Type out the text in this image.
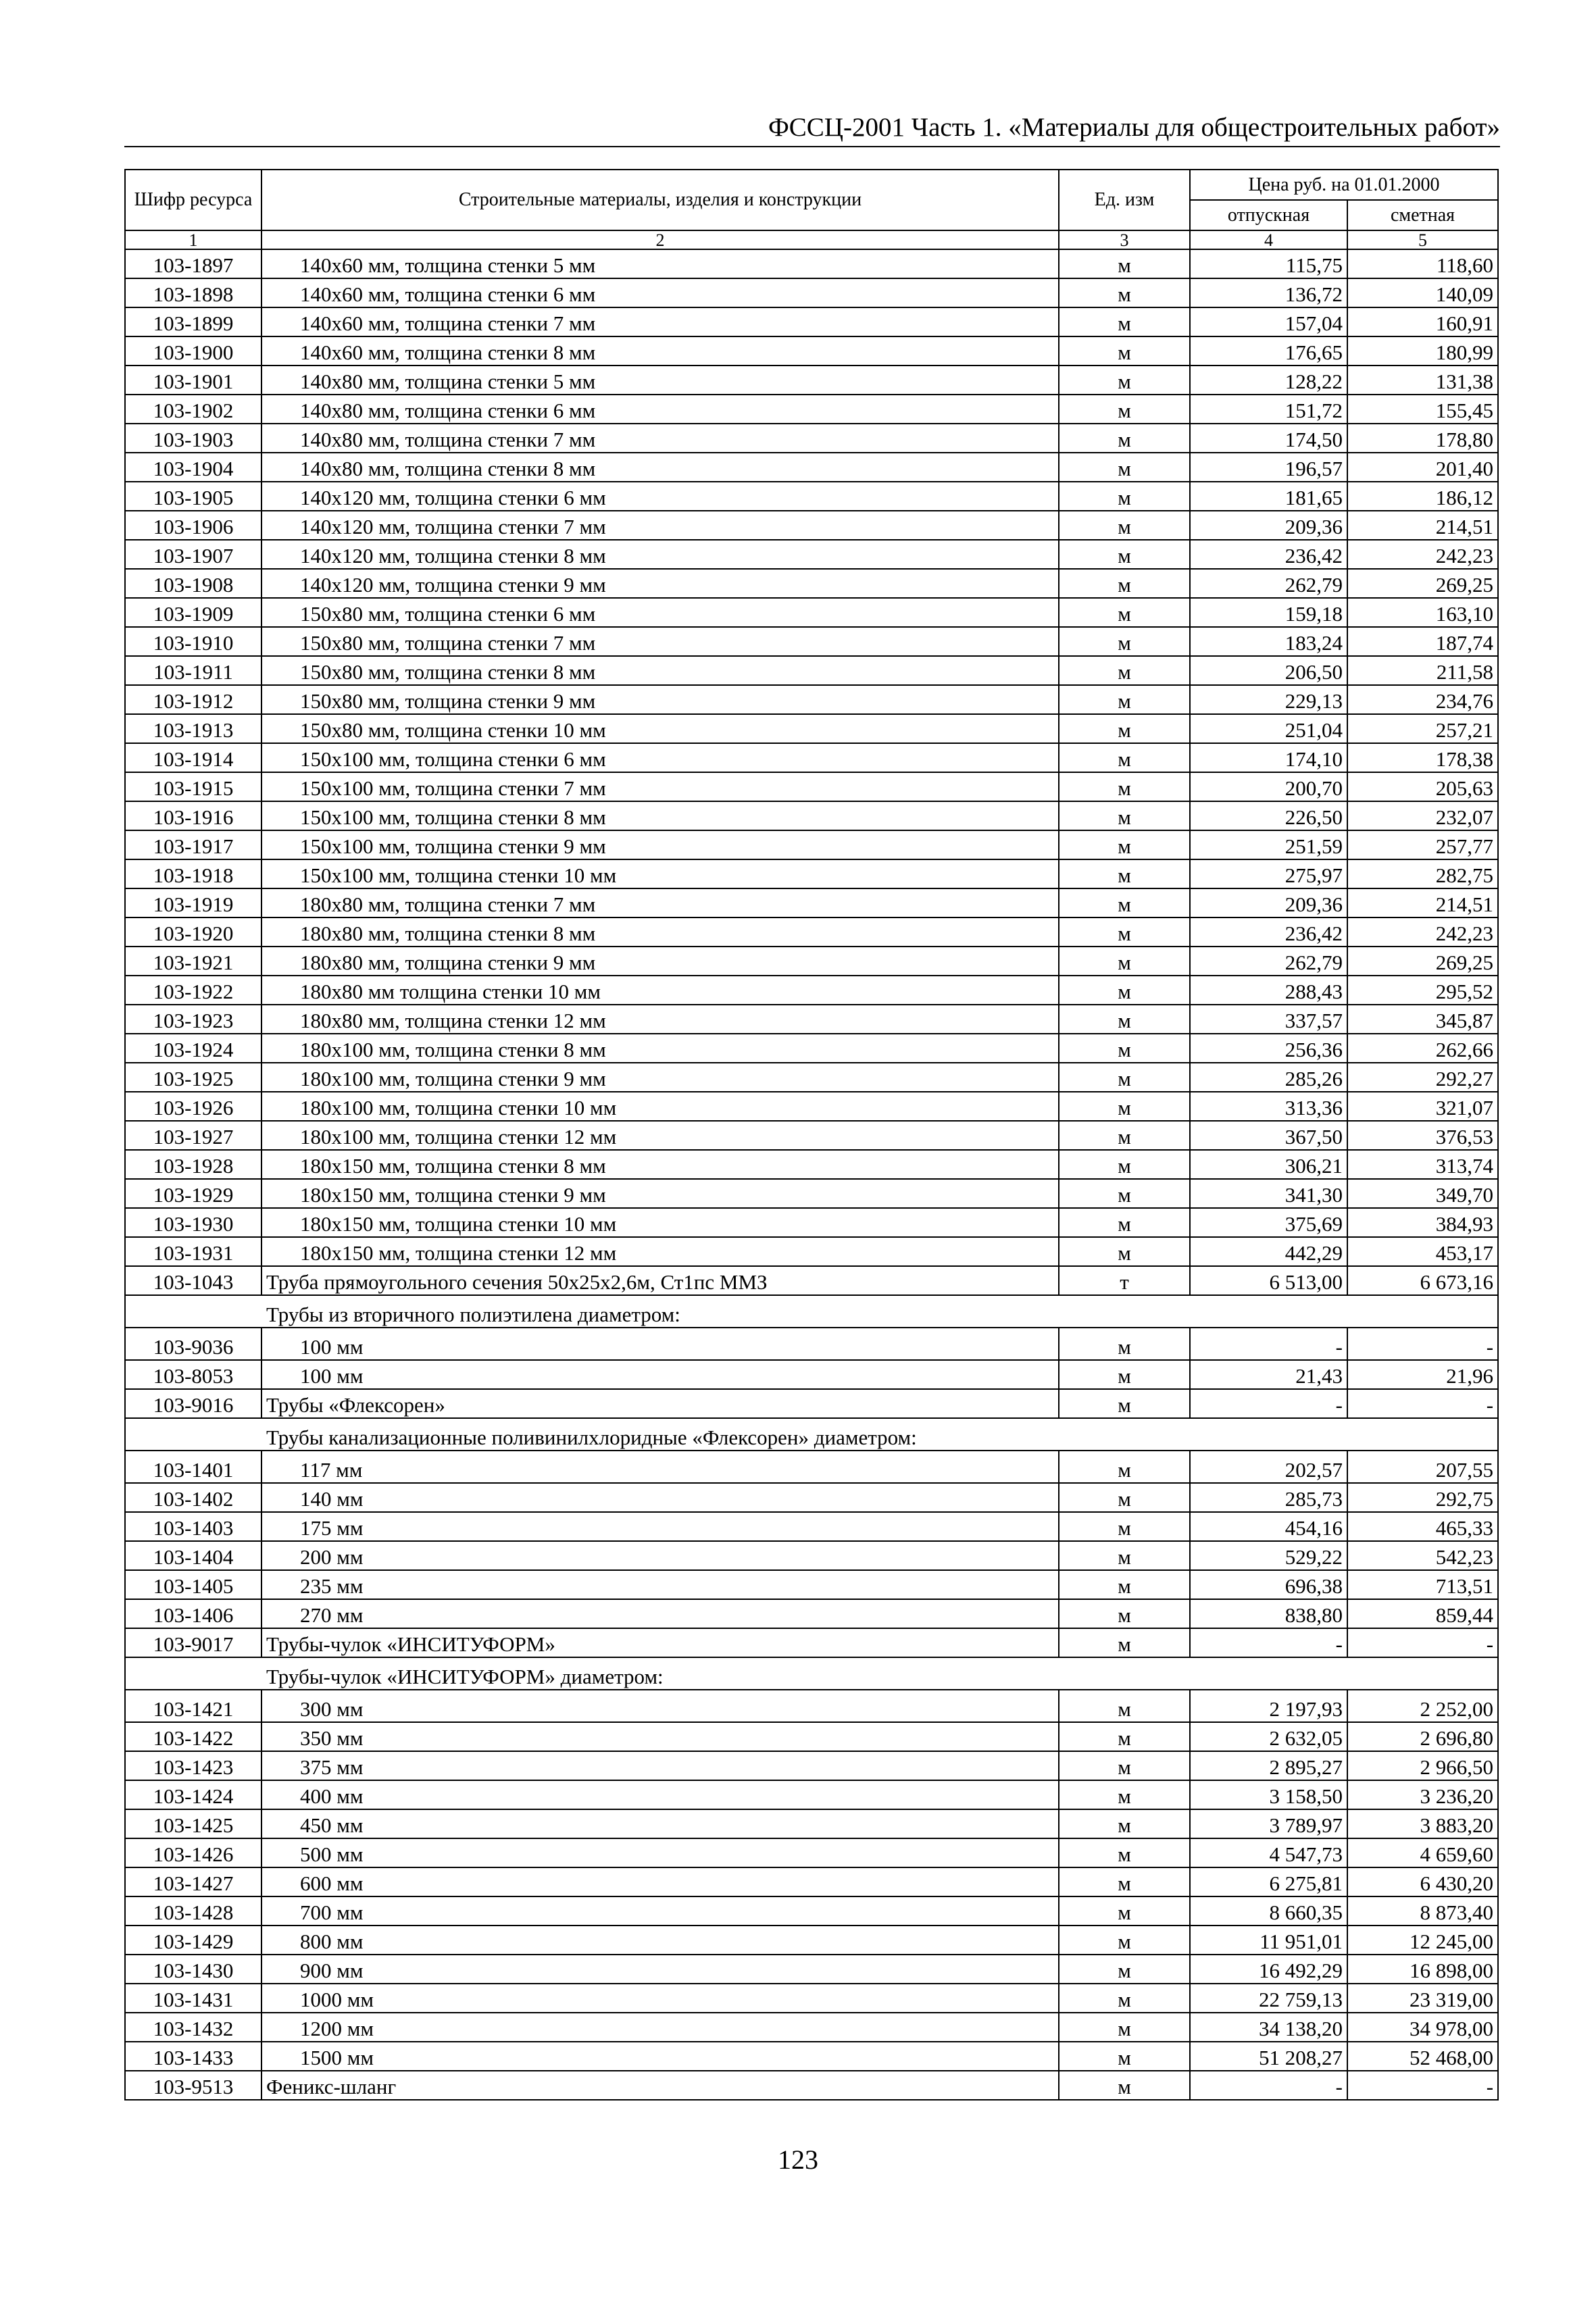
ФССЦ-2001 Часть 1. «Материалы для общестроительных работ»
Шифр ресурса	Строительные материалы, изделия и конструкции	Ед. изм	Цена руб. на 01.01.2000	
			отпускная	сметная
1	2	3	4	5
103-1897	140х60 мм, толщина стенки 5 мм	м	115,75	118,60
103-1898	140х60 мм, толщина стенки 6 мм	м	136,72	140,09
103-1899	140х60 мм, толщина стенки 7 мм	м	157,04	160,91
103-1900	140х60 мм, толщина стенки 8 мм	м	176,65	180,99
103-1901	140х80 мм, толщина стенки 5 мм	м	128,22	131,38
103-1902	140х80 мм, толщина стенки 6 мм	м	151,72	155,45
103-1903	140х80 мм, толщина стенки 7 мм	м	174,50	178,80
103-1904	140х80 мм, толщина стенки 8 мм	м	196,57	201,40
103-1905	140х120 мм, толщина стенки 6 мм	м	181,65	186,12
103-1906	140х120 мм, толщина стенки 7 мм	м	209,36	214,51
103-1907	140х120 мм, толщина стенки 8 мм	м	236,42	242,23
103-1908	140х120 мм, толщина стенки 9 мм	м	262,79	269,25
103-1909	150х80 мм, толщина стенки 6 мм	м	159,18	163,10
103-1910	150х80 мм, толщина стенки 7 мм	м	183,24	187,74
103-1911	150х80 мм, толщина стенки 8 мм	м	206,50	211,58
103-1912	150х80 мм, толщина стенки 9 мм	м	229,13	234,76
103-1913	150х80 мм, толщина стенки 10 мм	м	251,04	257,21
103-1914	150х100 мм, толщина стенки 6 мм	м	174,10	178,38
103-1915	150х100 мм, толщина стенки 7 мм	м	200,70	205,63
103-1916	150х100 мм, толщина стенки 8 мм	м	226,50	232,07
103-1917	150х100 мм, толщина стенки 9 мм	м	251,59	257,77
103-1918	150х100 мм, толщина стенки 10 мм	м	275,97	282,75
103-1919	180х80 мм, толщина стенки 7 мм	м	209,36	214,51
103-1920	180х80 мм, толщина стенки 8 мм	м	236,42	242,23
103-1921	180х80 мм, толщина стенки 9 мм	м	262,79	269,25
103-1922	180х80 мм толщина стенки 10 мм	м	288,43	295,52
103-1923	180х80 мм, толщина стенки 12 мм	м	337,57	345,87
103-1924	180х100 мм, толщина стенки 8 мм	м	256,36	262,66
103-1925	180х100 мм, толщина стенки 9 мм	м	285,26	292,27
103-1926	180х100 мм, толщина стенки 10 мм	м	313,36	321,07
103-1927	180х100 мм, толщина стенки 12 мм	м	367,50	376,53
103-1928	180х150 мм, толщина стенки 8 мм	м	306,21	313,74
103-1929	180х150 мм, толщина стенки 9 мм	м	341,30	349,70
103-1930	180х150 мм, толщина стенки 10 мм	м	375,69	384,93
103-1931	180х150 мм, толщина стенки 12 мм	м	442,29	453,17
103-1043	Труба прямоугольного сечения 50х25х2,6м, Ст1пс ММЗ	т	6 513,00	6 673,16
	Трубы из вторичного полиэтилена диаметром:			
103-9036	100 мм	м	-	-
103-8053	100 мм	м	21,43	21,96
103-9016	Трубы «Флексорен»	м	-	-
	Трубы канализационные поливинилхлоридные «Флексорен» диаметром:			
103-1401	117 мм	м	202,57	207,55
103-1402	140 мм	м	285,73	292,75
103-1403	175 мм	м	454,16	465,33
103-1404	200 мм	м	529,22	542,23
103-1405	235 мм	м	696,38	713,51
103-1406	270 мм	м	838,80	859,44
103-9017	Трубы-чулок «ИНСИТУФОРМ»	м	-	-
	Трубы-чулок «ИНСИТУФОРМ» диаметром:			
103-1421	300 мм	м	2 197,93	2 252,00
103-1422	350 мм	м	2 632,05	2 696,80
103-1423	375 мм	м	2 895,27	2 966,50
103-1424	400 мм	м	3 158,50	3 236,20
103-1425	450 мм	м	3 789,97	3 883,20
103-1426	500 мм	м	4 547,73	4 659,60
103-1427	600 мм	м	6 275,81	6 430,20
103-1428	700 мм	м	8 660,35	8 873,40
103-1429	800 мм	м	11 951,01	12 245,00
103-1430	900 мм	м	16 492,29	16 898,00
103-1431	1000 мм	м	22 759,13	23 319,00
103-1432	1200 мм	м	34 138,20	34 978,00
103-1433	1500 мм	м	51 208,27	52 468,00
103-9513	Феникс-шланг	м	-	-
123
